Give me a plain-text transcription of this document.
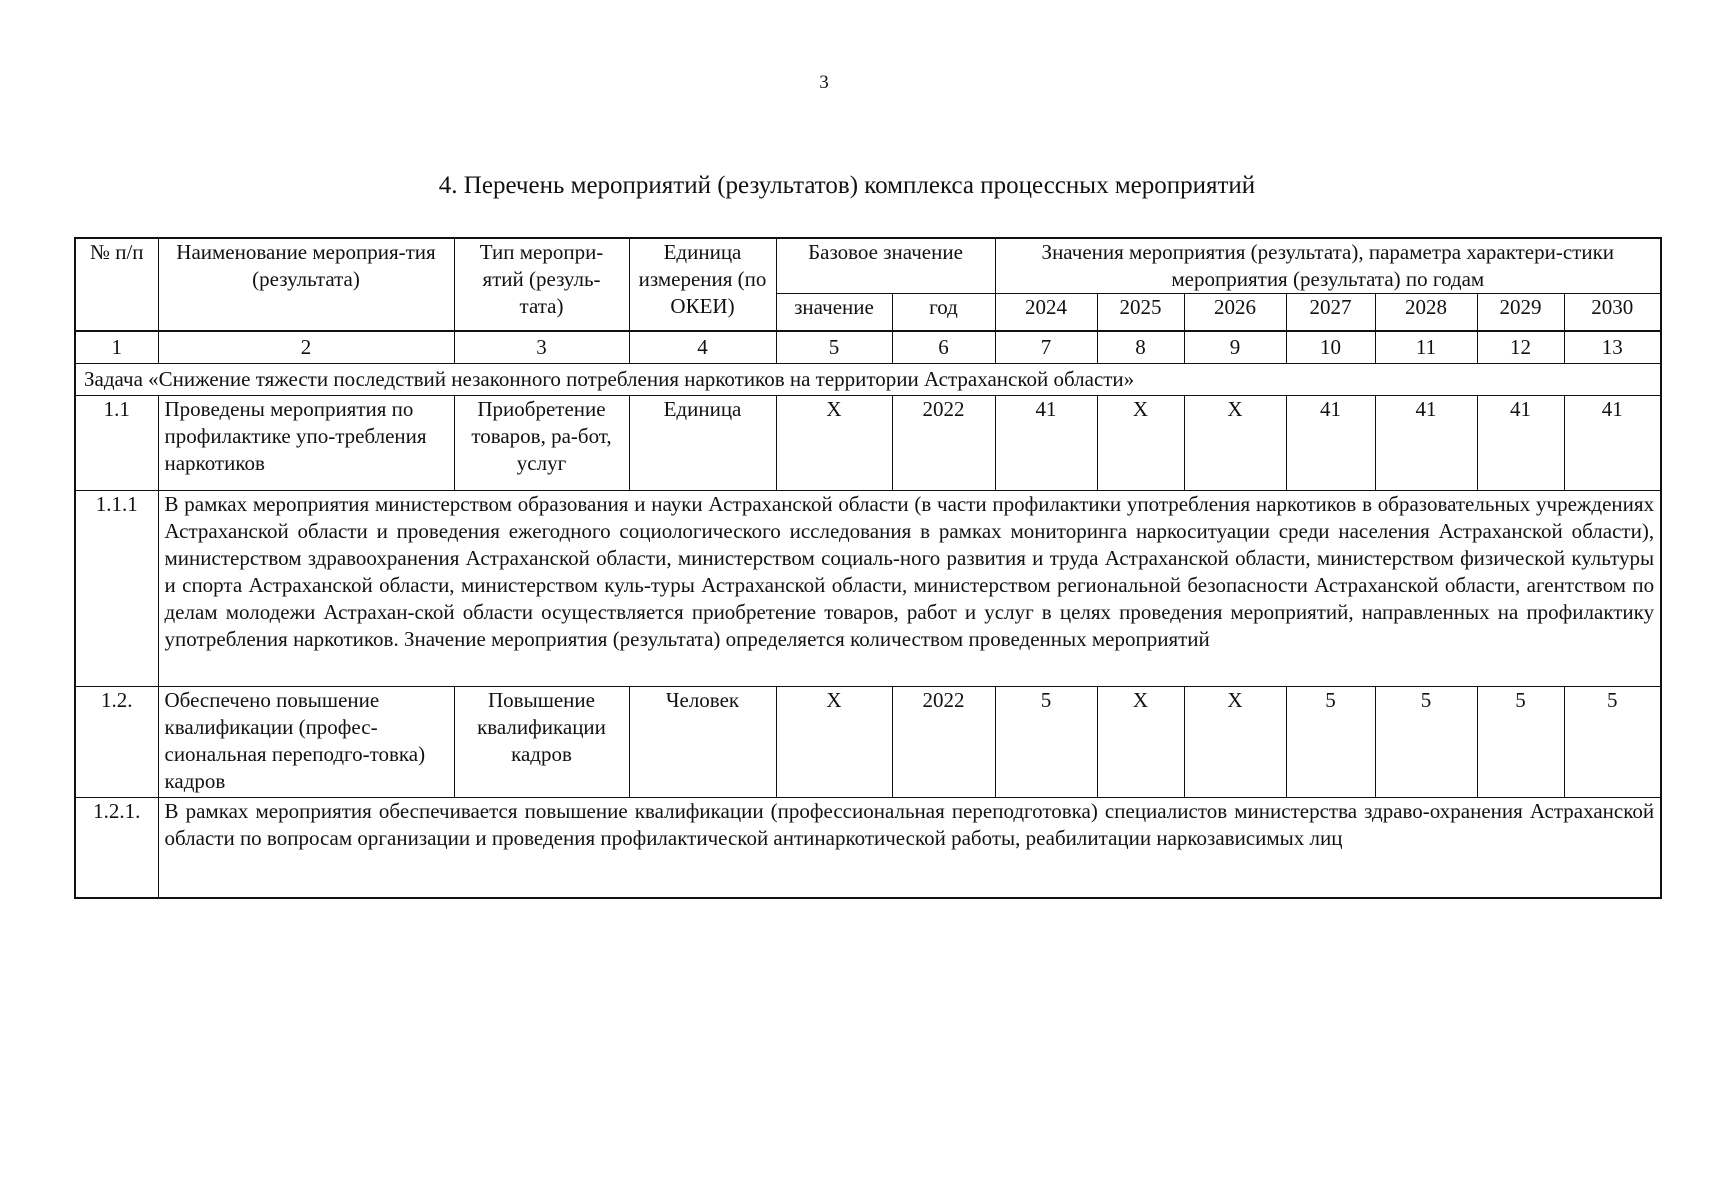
3
4. Перечень мероприятий (результатов) комплекса процессных мероприятий
№ п/п	Наименование мероприя-тия (результата)	Тип меропри-ятий (резуль-тата)	Единица измерения (по ОКЕИ)	Базовое значение		Значения мероприятия (результата), параметра характери-стики мероприятия (результата) по годам						
				значение	год	2024	2025	2026	2027	2028	2029	2030
1	2	3	4	5	6	7	8	9	10	11	12	13
Задача «Снижение тяжести последствий незаконного потребления наркотиков на территории Астраханской области»												
1.1	Проведены мероприятия по профилактике упо-требления наркотиков	Приобретение товаров, ра-бот, услуг	Единица	X	2022	41	X	X	41	41	41	41
1.1.1	В рамках мероприятия министерством образования и науки Астраханской области (в части профилактики употребления наркотиков в образовательных учреждениях Астраханской области и проведения ежегодного социологического исследования в рамках мониторинга наркоситуации среди населения Астраханской области), министерством здравоохранения Астраханской области, министерством социаль-ного развития и труда Астраханской области, министерством физической культуры и спорта Астраханской области, министерством куль-туры Астраханской области, министерством региональной безопасности Астраханской области, агентством по делам молодежи Астрахан-ской области осуществляется приобретение товаров, работ и услуг в целях проведения мероприятий, направленных на профилактику употребления наркотиков. Значение мероприятия (результата) определяется количеством проведенных мероприятий											
1.2.	Обеспечено повышение квалификации (профес-сиональная переподго-товка) кадров	Повышение квалификации кадров	Человек	X	2022	5	X	X	5	5	5	5
1.2.1.	В рамках мероприятия обеспечивается повышение квалификации (профессиональная переподготовка) специалистов министерства здраво-охранения Астраханской области по вопросам организации и проведения профилактической антинаркотической работы, реабилитации наркозависимых лиц											
